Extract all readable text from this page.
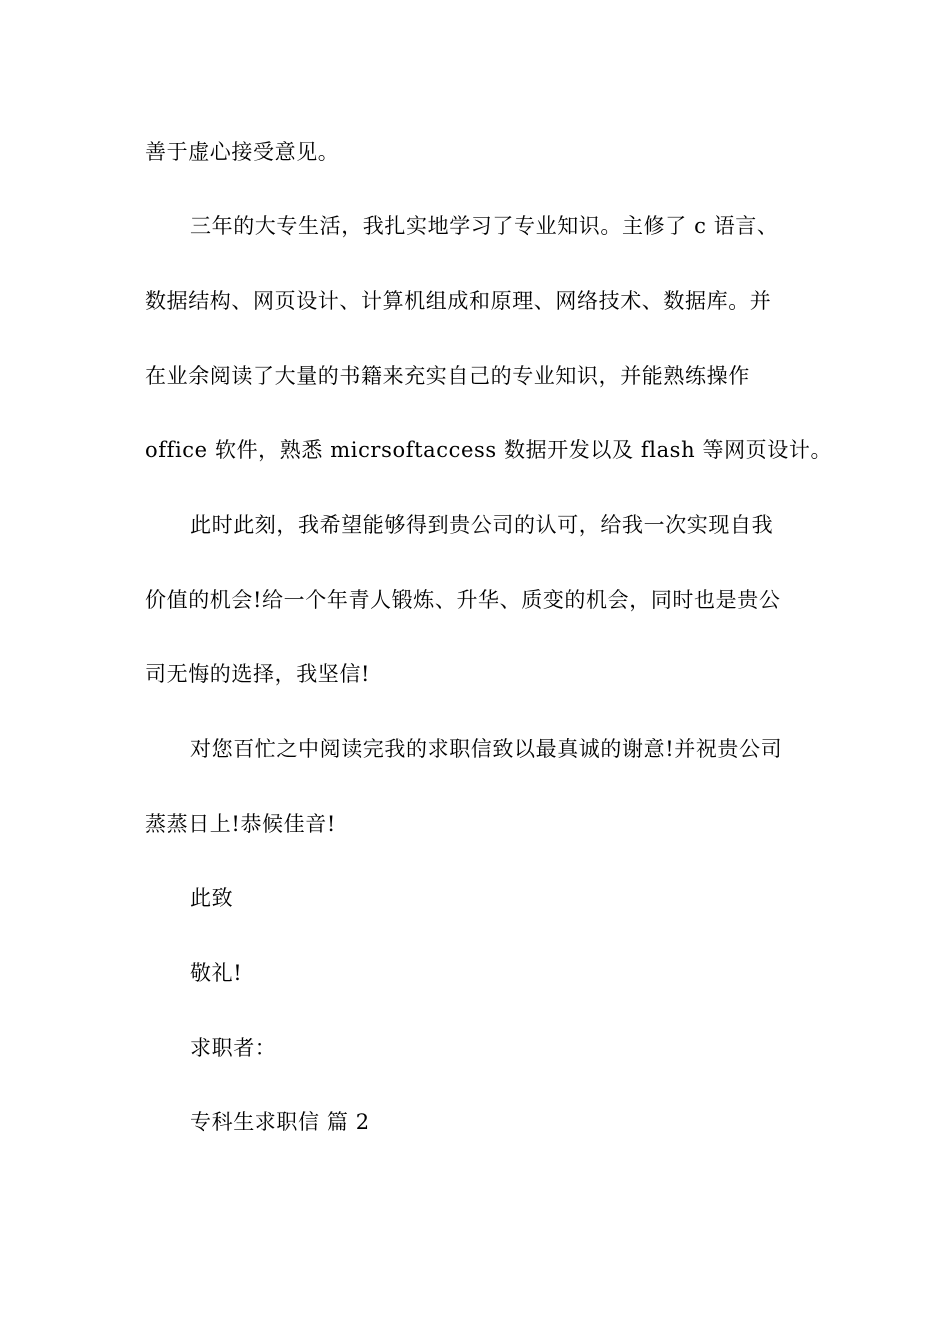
善于虚心接受意见。
三年的大专生活，我扎实地学习了专业知识。主修了 c 语言、
数据结构、网页设计、计算机组成和原理、网络技术、数据库。并
在业余阅读了大量的书籍来充实自己的专业知识，并能熟练操作
office 软件，熟悉 micrsoftaccess 数据开发以及 flash 等网页设计。
此时此刻，我希望能够得到贵公司的认可，给我一次实现自我
价值的机会!给一个年青人锻炼、升华、质变的机会，同时也是贵公
司无悔的选择，我坚信!
对您百忙之中阅读完我的求职信致以最真诚的谢意!并祝贵公司
蒸蒸日上!恭候佳音!
此致
敬礼!
求职者：
专科生求职信 篇 2
